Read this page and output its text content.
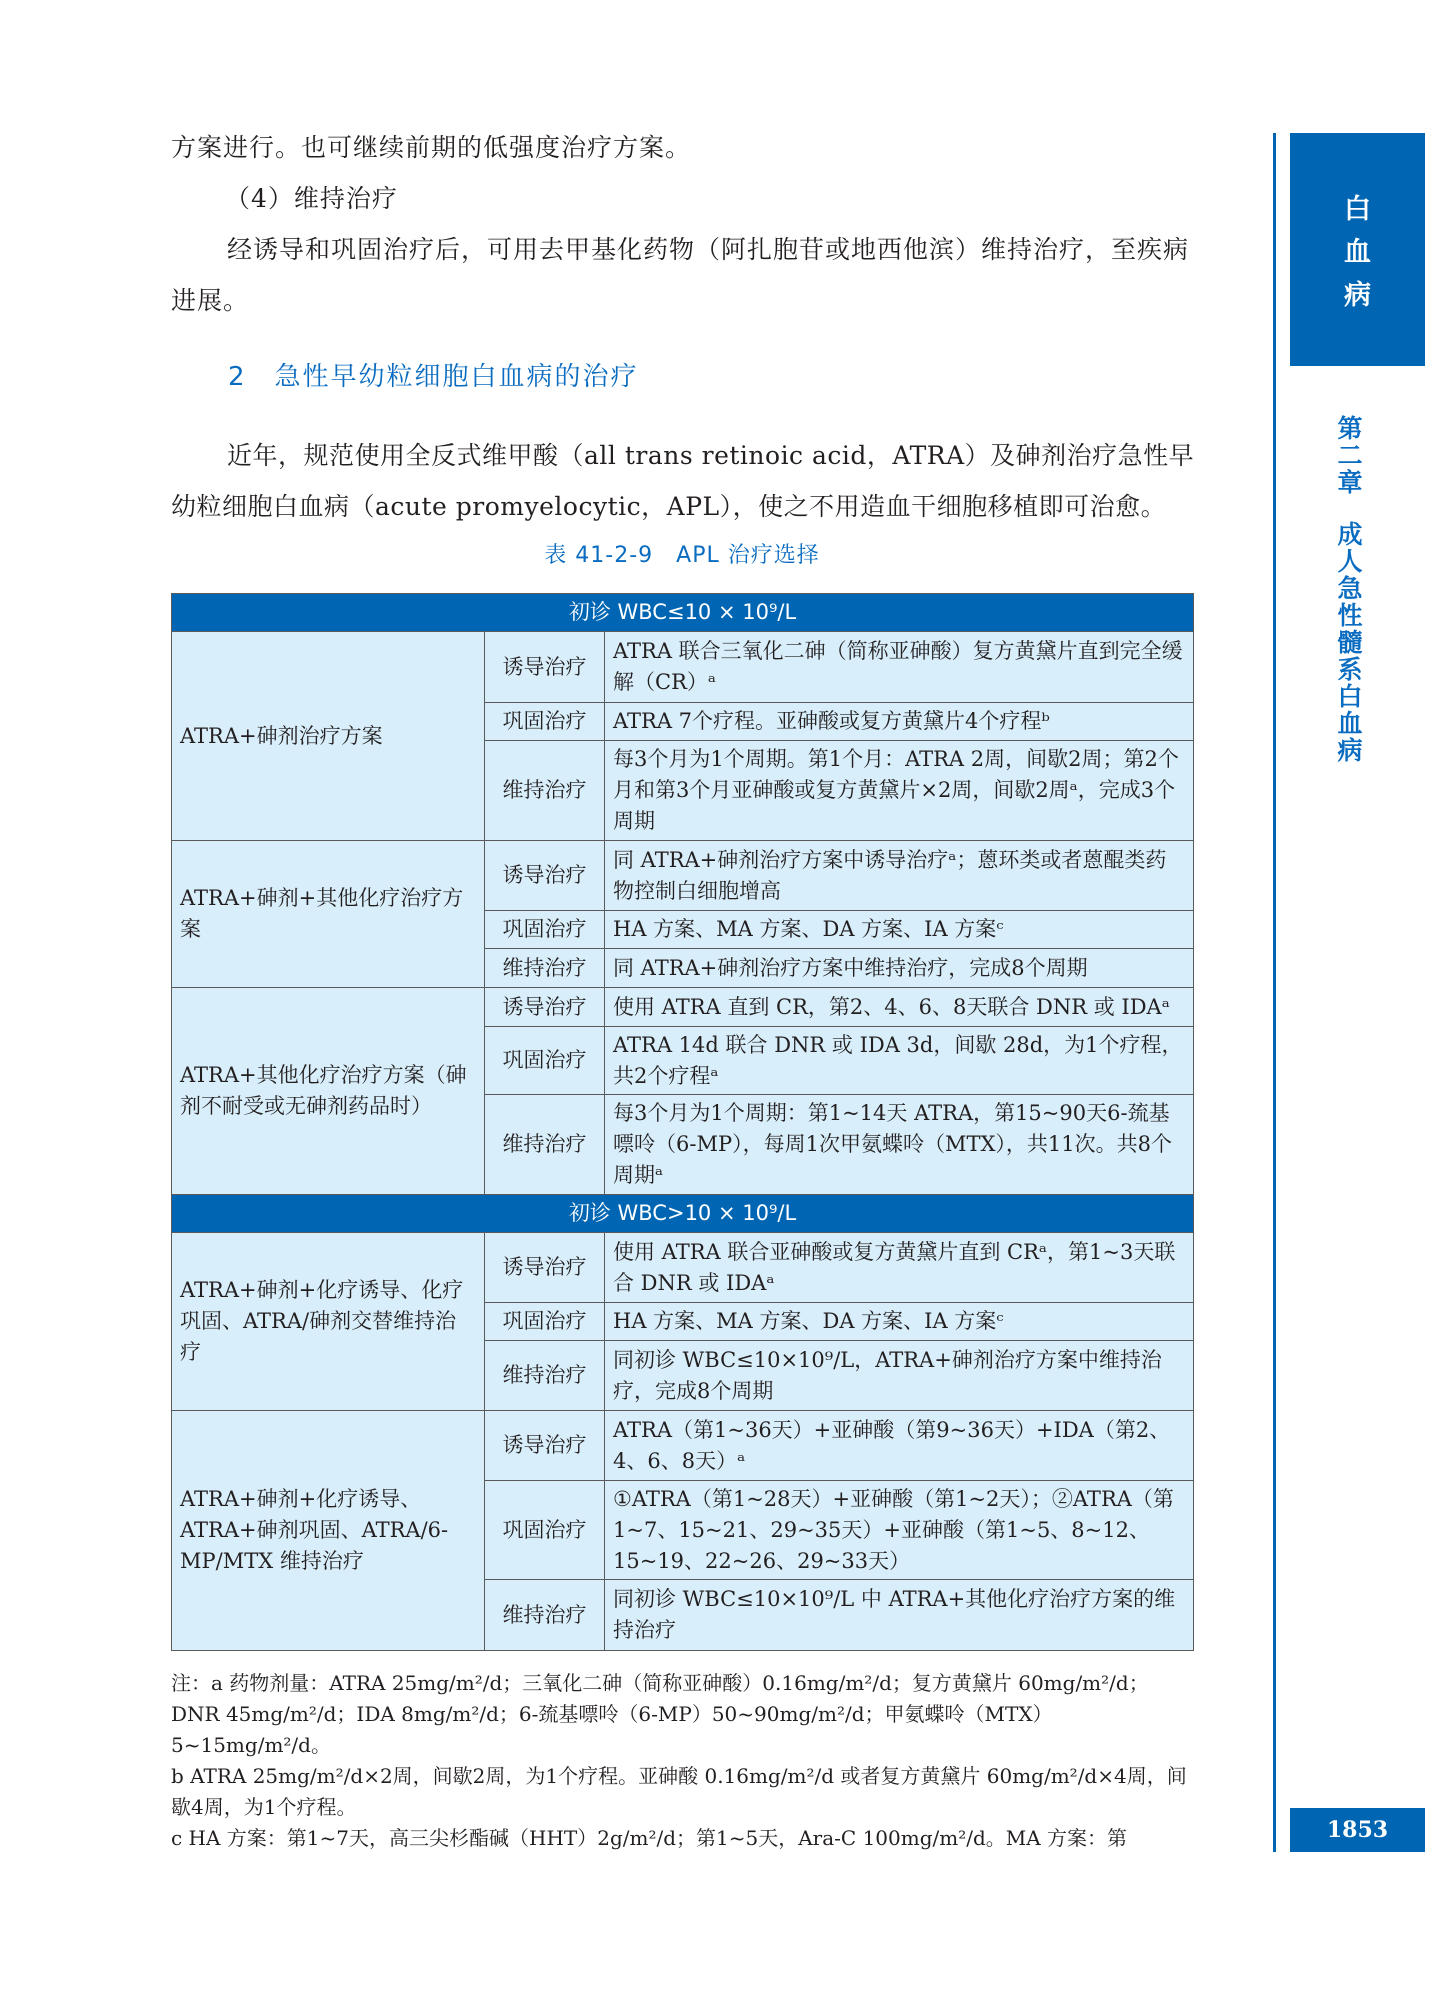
方案进行。也可继续前期的低强度治疗方案。
（4）维持治疗
经诱导和巩固治疗后，可用去甲基化药物（阿扎胞苷或地西他滨）维持治疗，至疾病进展。
2 急性早幼粒细胞白血病的治疗
近年，规范使用全反式维甲酸（all trans retinoic acid，ATRA）及砷剂治疗急性早幼粒细胞白血病（acute promyelocytic，APL），使之不用造血干细胞移植即可治愈。
表 41-2-9　APL 治疗选择
初诊 WBC≤10 × 10⁹/L		
ATRA+砷剂治疗方案	诱导治疗	ATRA 联合三氧化二砷（简称亚砷酸）复方黄黛片直到完全缓解（CR）ᵃ
	巩固治疗	ATRA 7个疗程。亚砷酸或复方黄黛片4个疗程ᵇ
	维持治疗	每3个月为1个周期。第1个月：ATRA 2周，间歇2周；第2个月和第3个月亚砷酸或复方黄黛片×2周，间歇2周ᵃ，完成3个周期
ATRA+砷剂+其他化疗治疗方案	诱导治疗	同 ATRA+砷剂治疗方案中诱导治疗ᵃ；蒽环类或者蒽醌类药物控制白细胞增高
	巩固治疗	HA 方案、MA 方案、DA 方案、IA 方案ᶜ
	维持治疗	同 ATRA+砷剂治疗方案中维持治疗，完成8个周期
ATRA+其他化疗治疗方案（砷剂不耐受或无砷剂药品时）	诱导治疗	使用 ATRA 直到 CR，第2、4、6、8天联合 DNR 或 IDAᵃ
	巩固治疗	ATRA 14d 联合 DNR 或 IDA 3d，间歇 28d，为1个疗程，共2个疗程ᵃ
	维持治疗	每3个月为1个周期：第1~14天 ATRA，第15~90天6-巯基嘌呤（6-MP），每周1次甲氨蝶呤（MTX），共11次。共8个周期ᵃ
初诊 WBC>10 × 10⁹/L		
ATRA+砷剂+化疗诱导、化疗巩固、ATRA/砷剂交替维持治疗	诱导治疗	使用 ATRA 联合亚砷酸或复方黄黛片直到 CRᵃ，第1~3天联合 DNR 或 IDAᵃ
	巩固治疗	HA 方案、MA 方案、DA 方案、IA 方案ᶜ
	维持治疗	同初诊 WBC≤10×10⁹/L，ATRA+砷剂治疗方案中维持治疗，完成8个周期
ATRA+砷剂+化疗诱导、ATRA+砷剂巩固、ATRA/6-MP/MTX 维持治疗	诱导治疗	ATRA（第1~36天）+亚砷酸（第9~36天）+IDA（第2、4、6、8天）ᵃ
	巩固治疗	①ATRA（第1~28天）+亚砷酸（第1~2天）；②ATRA（第1~7、15~21、29~35天）+亚砷酸（第1~5、8~12、15~19、22~26、29~33天）
	维持治疗	同初诊 WBC≤10×10⁹/L 中 ATRA+其他化疗治疗方案的维持治疗
注：a 药物剂量：ATRA 25mg/m²/d；三氧化二砷（简称亚砷酸）0.16mg/m²/d；复方黄黛片 60mg/m²/d；DNR 45mg/m²/d；IDA 8mg/m²/d；6-巯基嘌呤（6-MP）50~90mg/m²/d；甲氨蝶呤（MTX）5~15mg/m²/d。
b ATRA 25mg/m²/d×2周，间歇2周，为1个疗程。亚砷酸 0.16mg/m²/d 或者复方黄黛片 60mg/m²/d×4周，间歇4周，为1个疗程。
c HA 方案：第1~7天，高三尖杉酯碱（HHT）2g/m²/d；第1~5天，Ara-C 100mg/m²/d。MA 方案：第
白血病
第二章
成人急性髓系白血病
1853
